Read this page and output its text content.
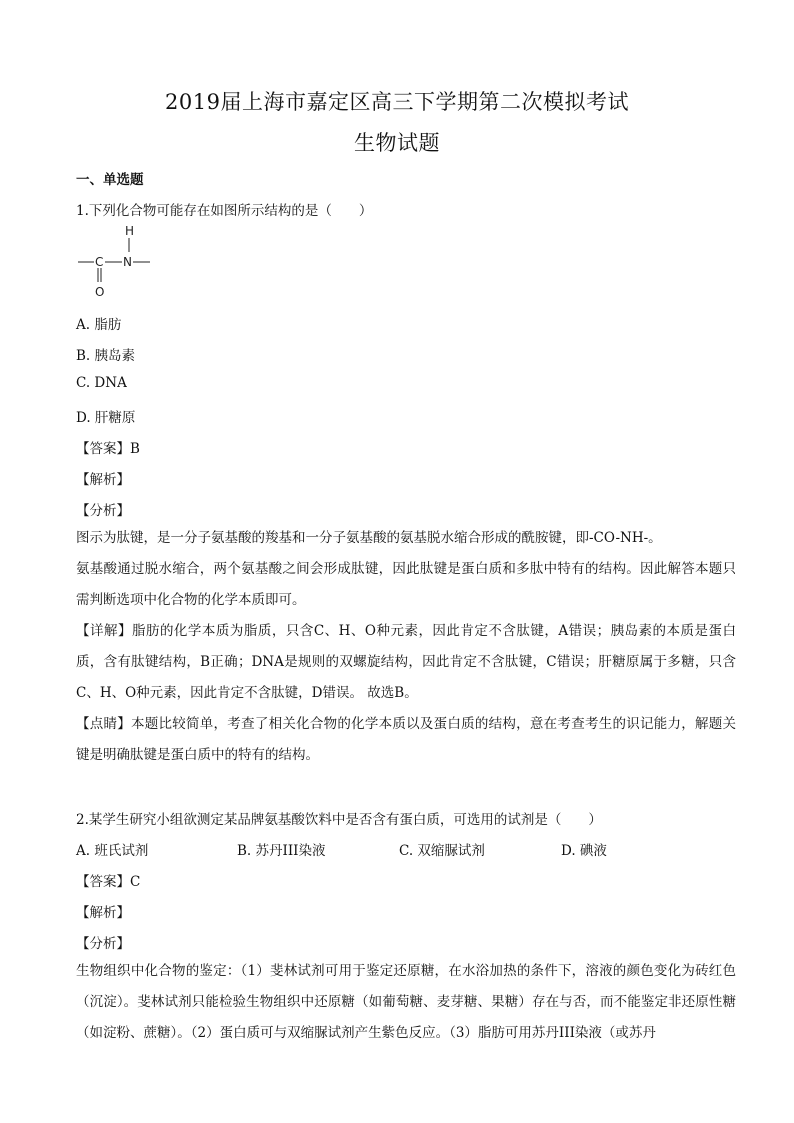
2019届上海市嘉定区高三下学期第二次模拟考试
生物试题
一、单选题
1.下列化合物可能存在如图所示结构的是（　　）
H
C N
O
A. 脂肪
B. 胰岛素
C. DNA
D. 肝糖原
【答案】B
【解析】
【分析】
图示为肽键，是一分子氨基酸的羧基和一分子氨基酸的氨基脱水缩合形成的酰胺键，即-CO-NH-。
氨基酸通过脱水缩合，两个氨基酸之间会形成肽键，因此肽键是蛋白质和多肽中特有的结构。因此解答本题只需判断选项中化合物的化学本质即可。
【详解】脂肪的化学本质为脂质，只含C、H、O种元素，因此肯定不含肽键，A错误；胰岛素的本质是蛋白质，含有肽键结构，B正确；DNA是规则的双螺旋结构，因此肯定不含肽键，C错误；肝糖原属于多糖，只含C、H、O种元素，因此肯定不含肽键，D错误。 故选B。
【点睛】本题比较简单，考查了相关化合物的化学本质以及蛋白质的结构，意在考查考生的识记能力，解题关键是明确肽键是蛋白质中的特有的结构。
2.某学生研究小组欲测定某品牌氨基酸饮料中是否含有蛋白质，可选用的试剂是（　　）
A. 班氏试剂	B. 苏丹III染液	C. 双缩脲试剂	D. 碘液
【答案】C
【解析】
【分析】
生物组织中化合物的鉴定：（1）斐林试剂可用于鉴定还原糖，在水浴加热的条件下，溶液的颜色变化为砖红色（沉淀）。斐林试剂只能检验生物组织中还原糖（如葡萄糖、麦芽糖、果糖）存在与否，而不能鉴定非还原性糖（如淀粉、蔗糖）。（2）蛋白质可与双缩脲试剂产生紫色反应。（3）脂肪可用苏丹III染液（或苏丹
